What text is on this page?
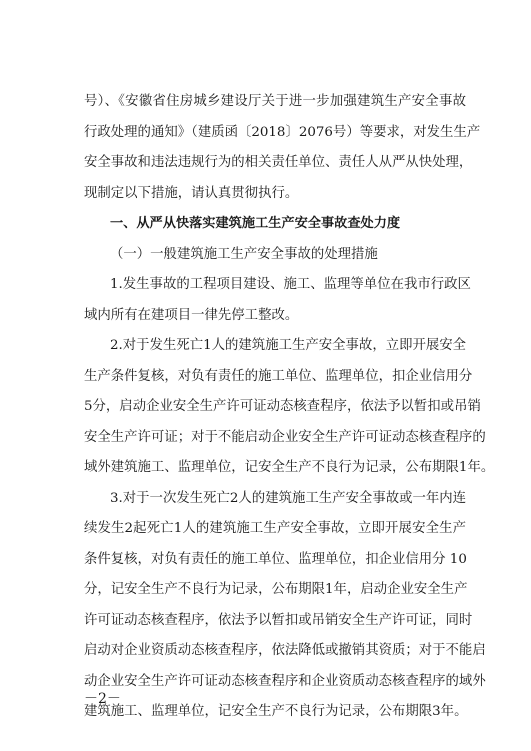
号）、《安徽省住房城乡建设厅关于进一步加强建筑生产安全事故
行政处理的通知》（建质函〔2018〕2076号）等要求，对发生生产
安全事故和违法违规行为的相关责任单位、责任人从严从快处理，
现制定以下措施，请认真贯彻执行。
一、从严从快落实建筑施工生产安全事故查处力度
（一）一般建筑施工生产安全事故的处理措施
1.发生事故的工程项目建设、施工、监理等单位在我市行政区
域内所有在建项目一律先停工整改。
2.对于发生死亡1人的建筑施工生产安全事故，立即开展安全
生产条件复核，对负有责任的施工单位、监理单位，扣企业信用分
5分，启动企业安全生产许可证动态核查程序，依法予以暂扣或吊销
安全生产许可证；对于不能启动企业安全生产许可证动态核查程序的
域外建筑施工、监理单位，记安全生产不良行为记录，公布期限1年。
3.对于一次发生死亡2人的建筑施工生产安全事故或一年内连
续发生2起死亡1人的建筑施工生产安全事故，立即开展安全生产
条件复核，对负有责任的施工单位、监理单位，扣企业信用分 10
分，记安全生产不良行为记录，公布期限1年，启动企业安全生产
许可证动态核查程序，依法予以暂扣或吊销安全生产许可证，同时
启动对企业资质动态核查程序，依法降低或撤销其资质；对于不能启
动企业安全生产许可证动态核查程序和企业资质动态核查程序的域外
建筑施工、监理单位，记安全生产不良行为记录，公布期限3年。
－2－
